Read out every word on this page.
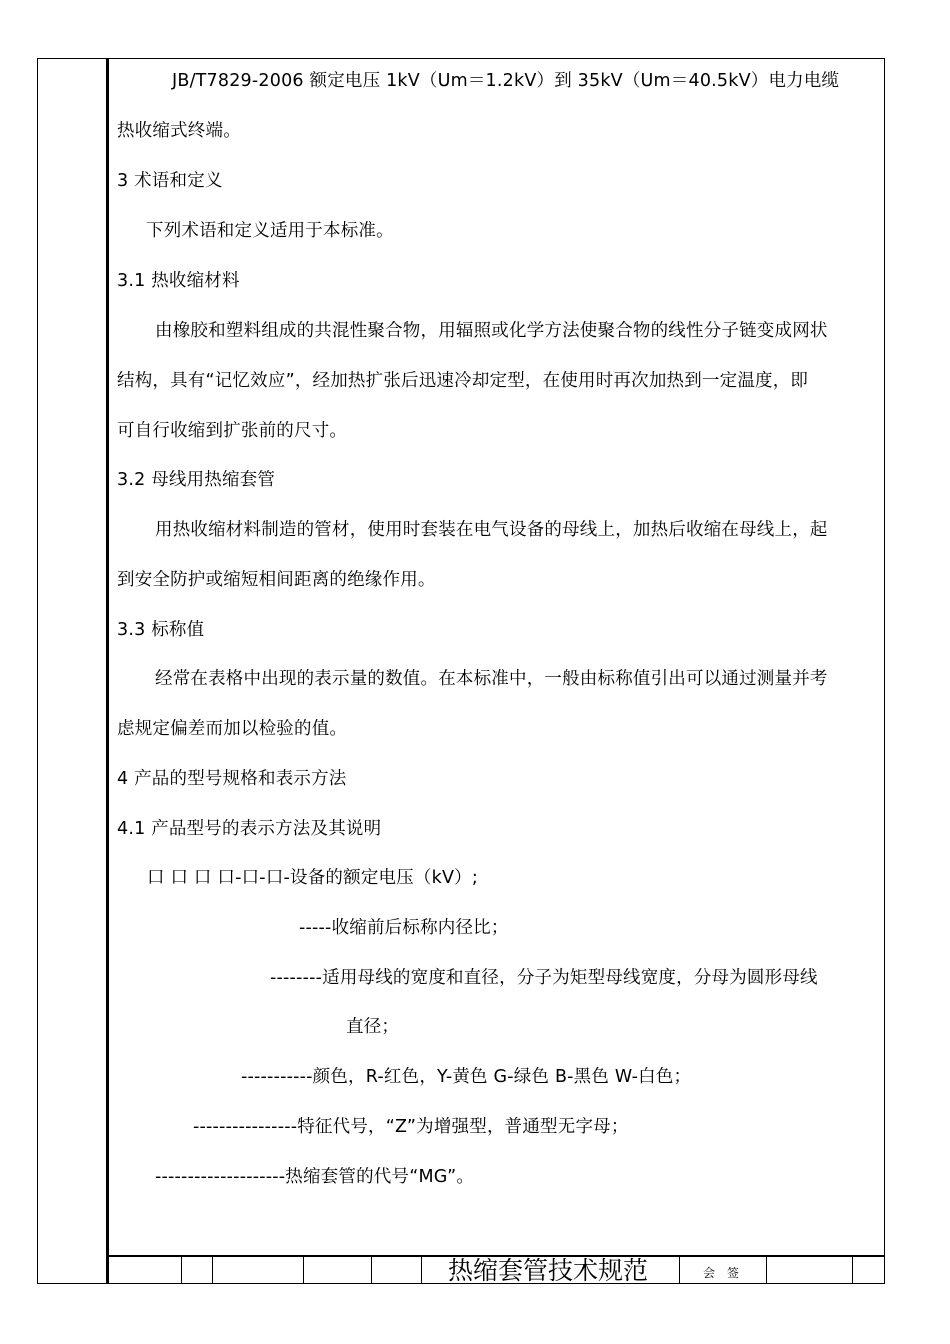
JB/T7829-2006 额定电压 1kV（Um＝1.2kV）到 35kV（Um＝40.5kV）电力电缆
热收缩式终端。
3 术语和定义
下列术语和定义适用于本标准。
3.1 热收缩材料
由橡胶和塑料组成的共混性聚合物，用辐照或化学方法使聚合物的线性分子链变成网状
结构，具有“记忆效应”，经加热扩张后迅速冷却定型，在使用时再次加热到一定温度，即
可自行收缩到扩张前的尺寸。
3.2 母线用热缩套管
用热收缩材料制造的管材，使用时套装在电气设备的母线上，加热后收缩在母线上，起
到安全防护或缩短相间距离的绝缘作用。
3.3 标称值
经常在表格中出现的表示量的数值。在本标准中，一般由标称值引出可以通过测量并考
虑规定偏差而加以检验的值。
4 产品的型号规格和表示方法
4.1 产品型号的表示方法及其说明
口 口 口 口-口-口-设备的额定电压（kV）;
-----收缩前后标称内径比；
--------适用母线的宽度和直径，分子为矩型母线宽度，分母为圆形母线
直径；
-----------颜色，R-红色，Y-黄色 G-绿色 B-黑色 W-白色；
----------------特征代号，“Z”为增强型，普通型无字母；
--------------------热缩套管的代号“MG”。
热缩套管技术规范	会签
